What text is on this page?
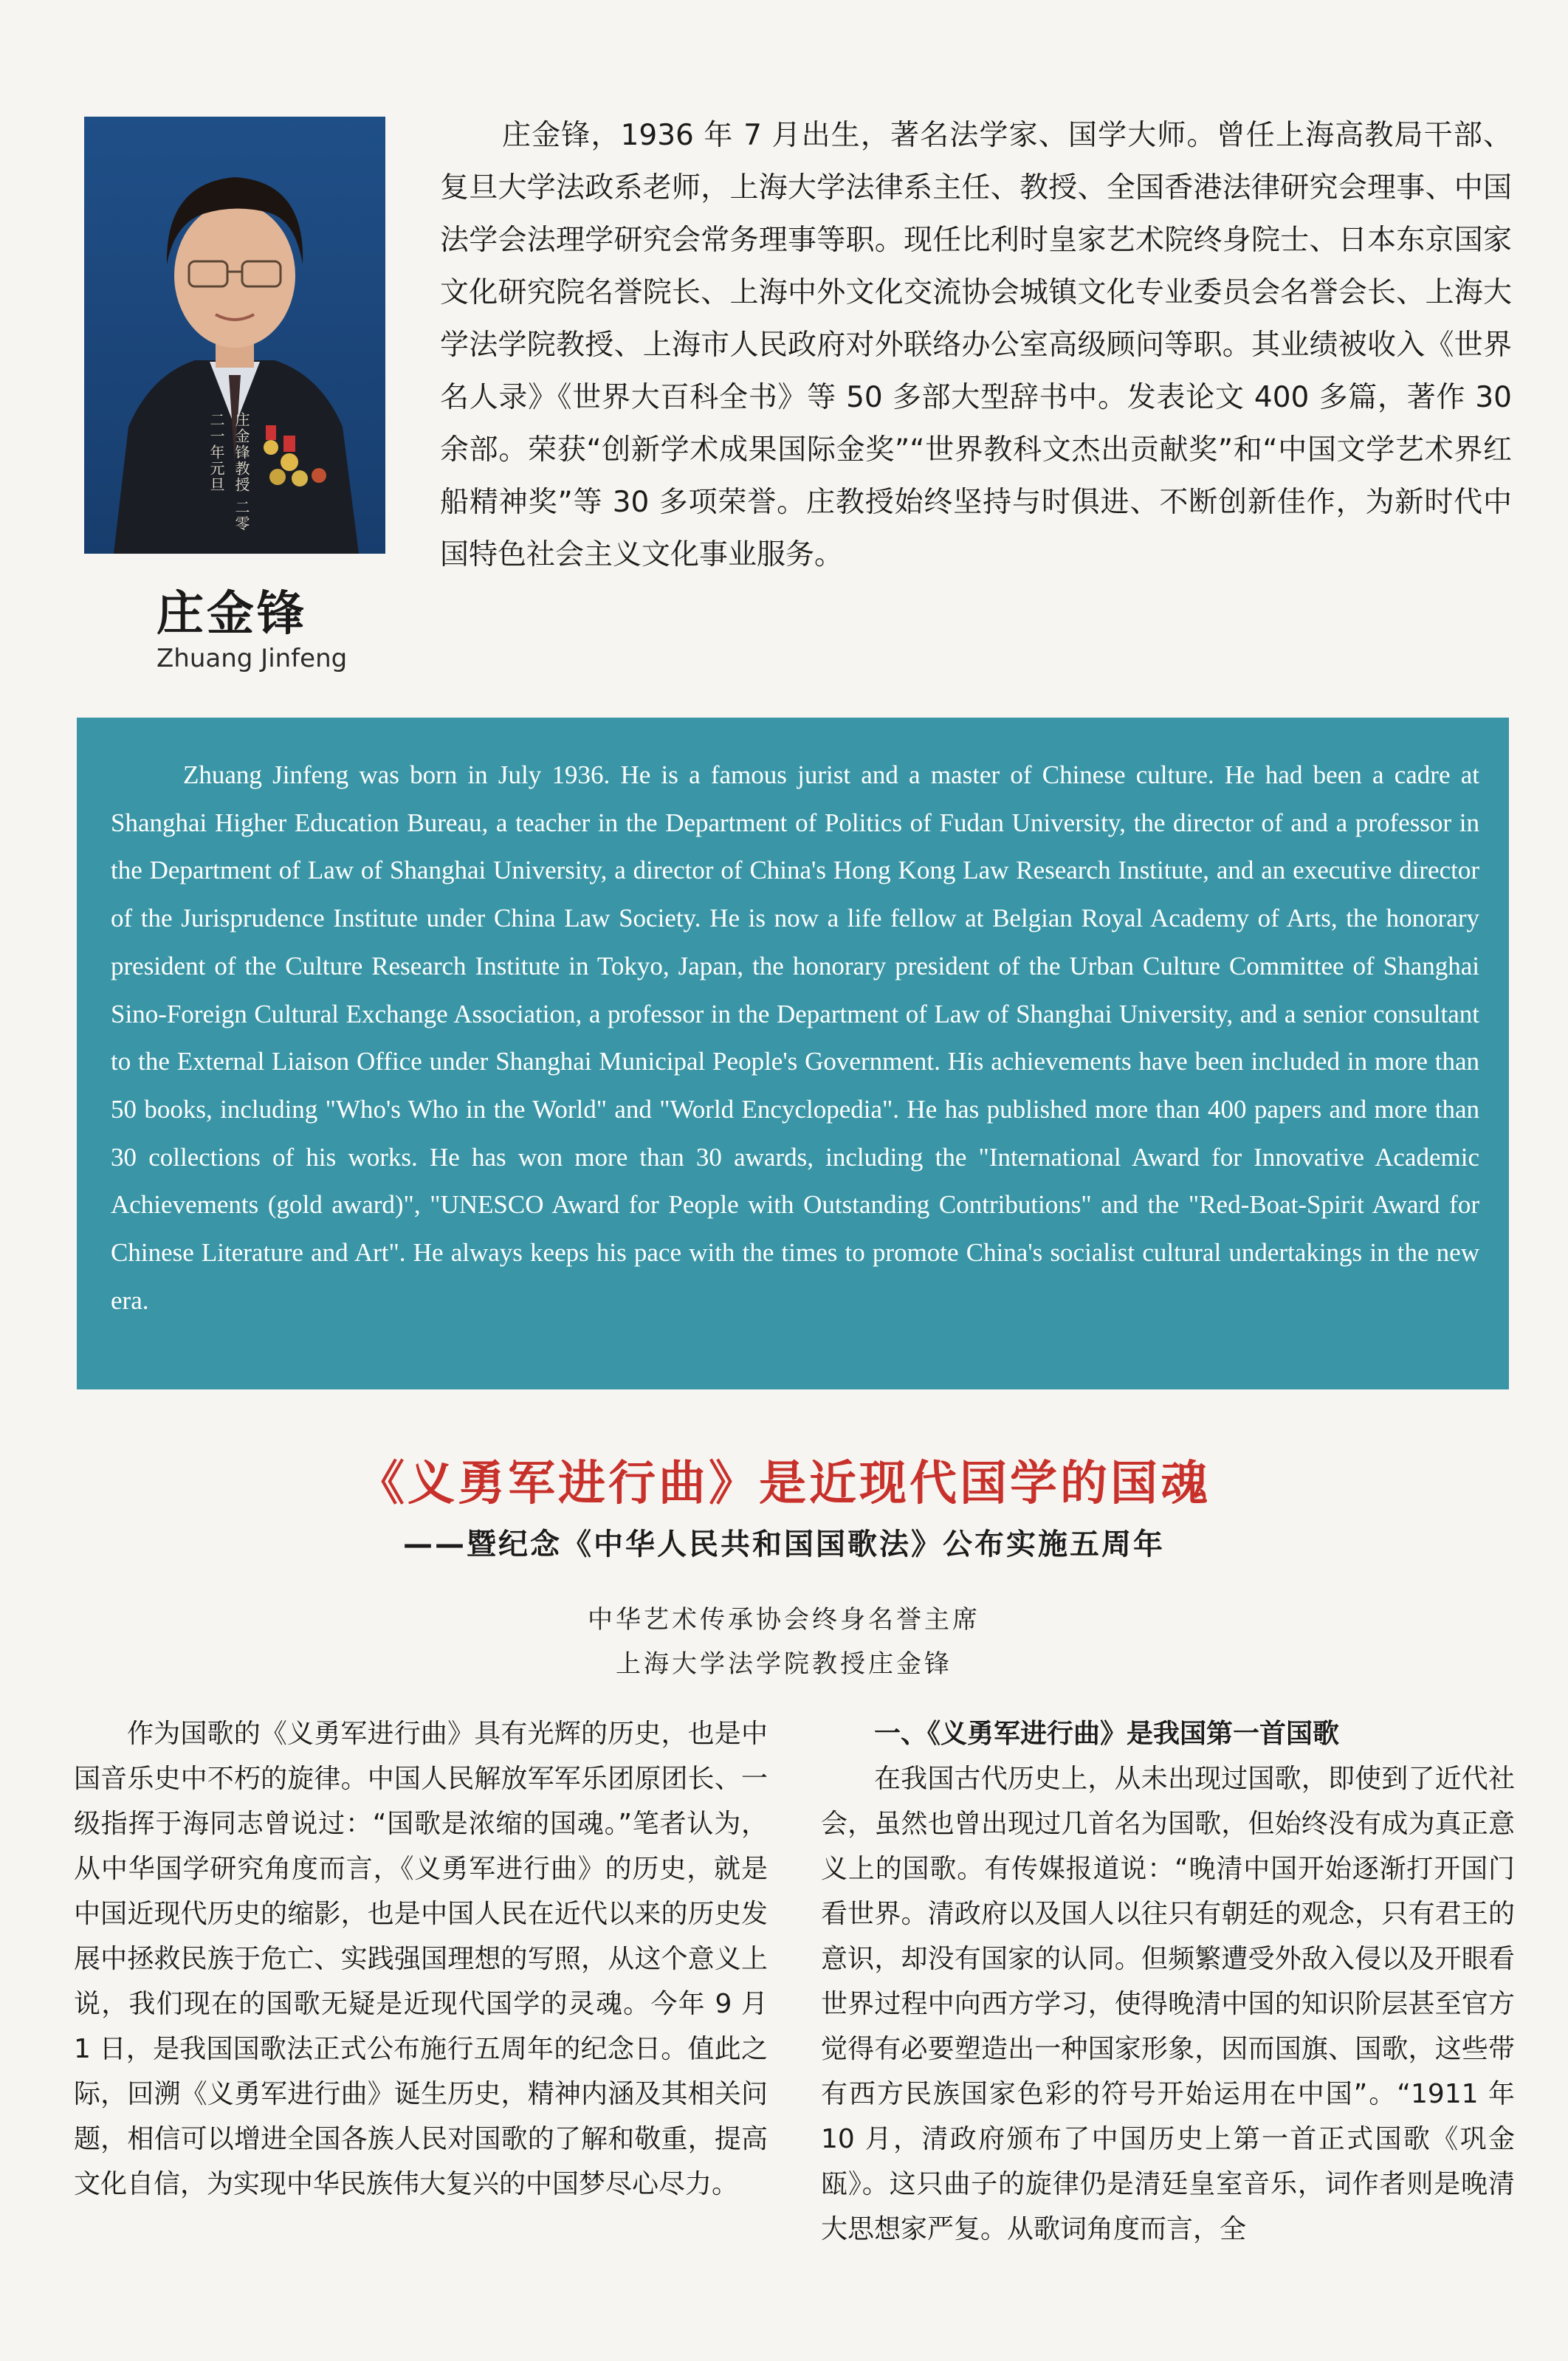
庄金锋教授 二零二一年元旦
庄金锋
Zhuang Jinfeng
庄金锋，1936 年 7 月出生，著名法学家、国学大师。曾任上海高教局干部、复旦大学法政系老师，上海大学法律系主任、教授、全国香港法律研究会理事、中国法学会法理学研究会常务理事等职。现任比利时皇家艺术院终身院士、日本东京国家文化研究院名誉院长、上海中外文化交流协会城镇文化专业委员会名誉会长、上海大学法学院教授、上海市人民政府对外联络办公室高级顾问等职。其业绩被收入《世界名人录》《世界大百科全书》等 50 多部大型辞书中。发表论文 400 多篇，著作 30 余部。荣获“创新学术成果国际金奖”“世界教科文杰出贡献奖”和“中国文学艺术界红船精神奖”等 30 多项荣誉。庄教授始终坚持与时俱进、不断创新佳作，为新时代中国特色社会主义文化事业服务。
Zhuang Jinfeng was born in July 1936. He is a famous jurist and a master of Chinese culture. He had been a cadre at Shanghai Higher Education Bureau, a teacher in the Department of Politics of Fudan University, the director of and a professor in the Department of Law of Shanghai University, a director of China's Hong Kong Law Research Institute, and an executive director of the Jurisprudence Institute under China Law Society. He is now a life fellow at Belgian Royal Academy of Arts, the honorary president of the Culture Research Institute in Tokyo, Japan, the honorary president of the Urban Culture Committee of Shanghai Sino-Foreign Cultural Exchange Association, a professor in the Department of Law of Shanghai University, and a senior consultant to the External Liaison Office under Shanghai Municipal People's Government. His achievements have been included in more than 50 books, including "Who's Who in the World" and "World Encyclopedia". He has published more than 400 papers and more than 30 collections of his works. He has won more than 30 awards, including the "International Award for Innovative Academic Achievements (gold award)", "UNESCO Award for People with Outstanding Contributions" and the "Red-Boat-Spirit Award for Chinese Literature and Art". He always keeps his pace with the times to promote China's socialist cultural undertakings in the new era.
《义勇军进行曲》是近现代国学的国魂
——暨纪念《中华人民共和国国歌法》公布实施五周年
中华艺术传承协会终身名誉主席
上海大学法学院教授庄金锋

作为国歌的《义勇军进行曲》具有光辉的历史，也是中国音乐史中不朽的旋律。中国人民解放军军乐团原团长、一级指挥于海同志曾说过：“国歌是浓缩的国魂。”笔者认为，从中华国学研究角度而言，《义勇军进行曲》的历史，就是中国近现代历史的缩影，也是中国人民在近代以来的历史发展中拯救民族于危亡、实践强国理想的写照，从这个意义上说，我们现在的国歌无疑是近现代国学的灵魂。今年 9 月 1 日，是我国国歌法正式公布施行五周年的纪念日。值此之际，回溯《义勇军进行曲》诞生历史，精神内涵及其相关问题，相信可以增进全国各族人民对国歌的了解和敬重，提高文化自信，为实现中华民族伟大复兴的中国梦尽心尽力。

一、《义勇军进行曲》是我国第一首国歌

在我国古代历史上，从未出现过国歌，即使到了近代社会，虽然也曾出现过几首名为国歌，但始终没有成为真正意义上的国歌。有传媒报道说：“晚清中国开始逐渐打开国门看世界。清政府以及国人以往只有朝廷的观念，只有君王的意识，却没有国家的认同。但频繁遭受外敌入侵以及开眼看世界过程中向西方学习，使得晚清中国的知识阶层甚至官方觉得有必要塑造出一种国家形象，因而国旗、国歌，这些带有西方民族国家色彩的符号开始运用在中国”。“1911 年 10 月，清政府颁布了中国历史上第一首正式国歌《巩金瓯》。这只曲子的旋律仍是清廷皇室音乐，词作者则是晚清大思想家严复。从歌词角度而言，全
